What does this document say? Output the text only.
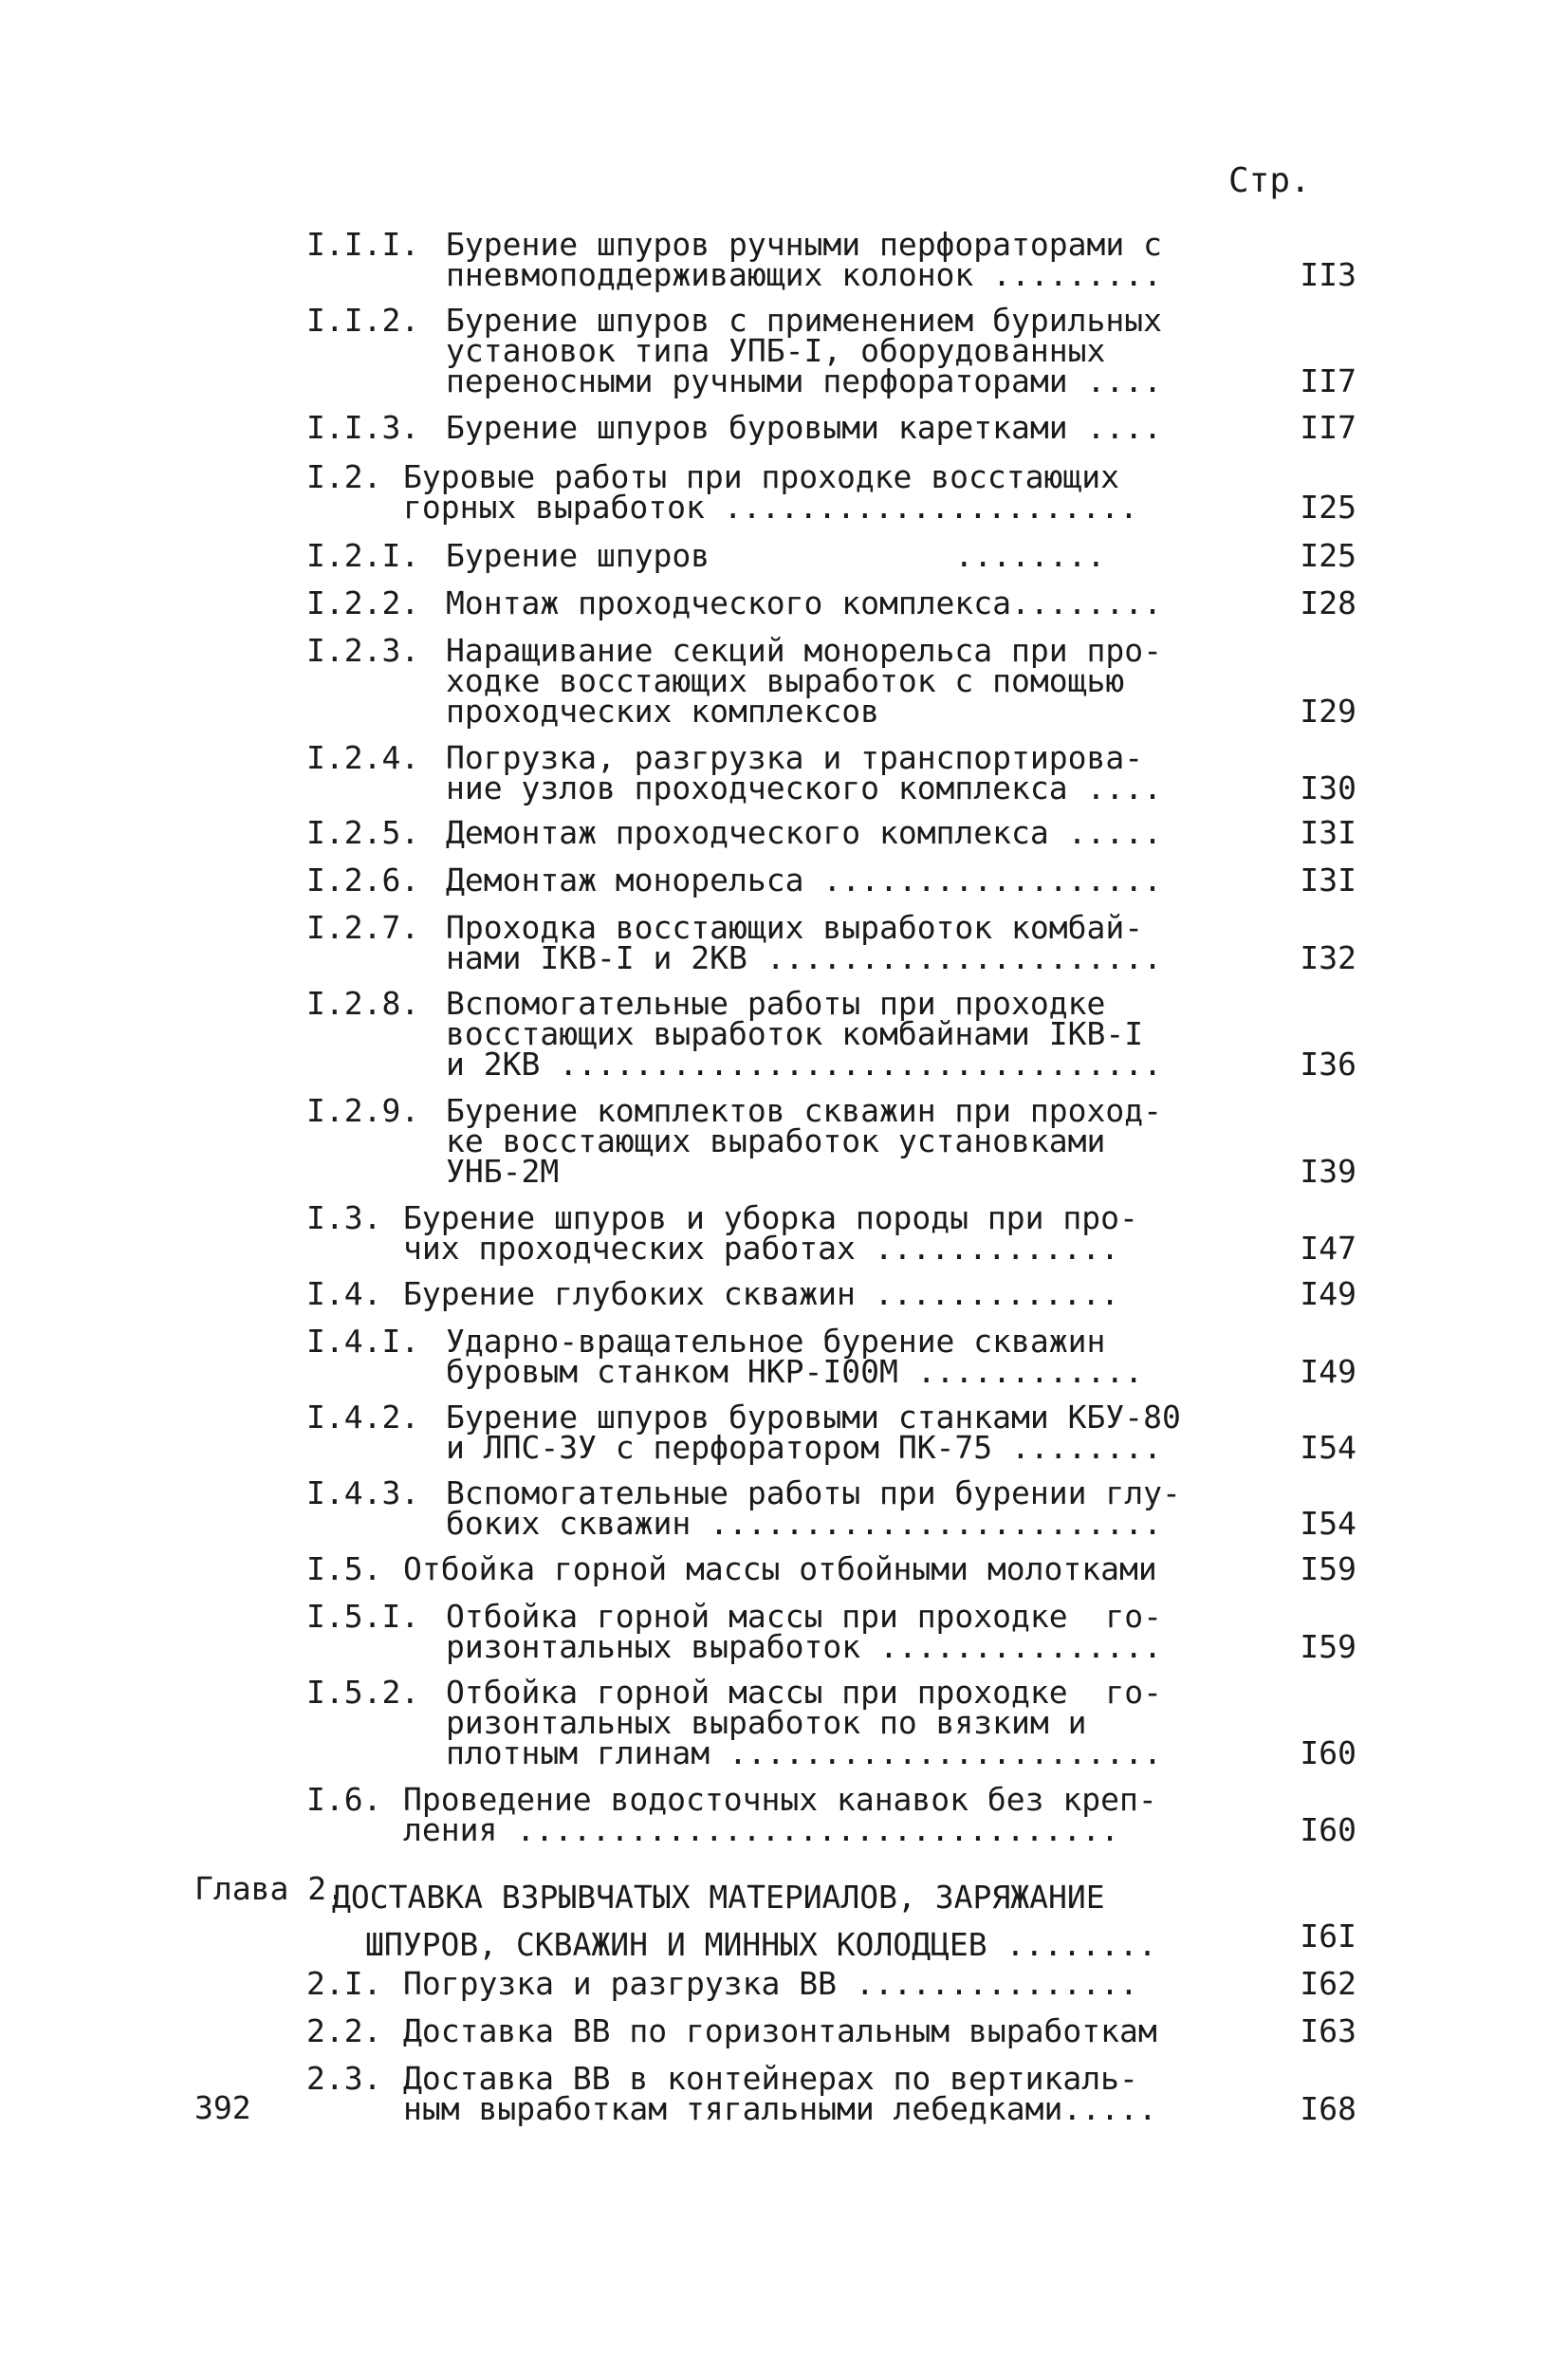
Стр.
I.I.I. Бурение шпуров ручными перфораторами с
пневмоподдерживающих колонок .........	II3
I.I.2. Бурение шпуров с применением бурильных
установок типа УПБ-I, оборудованных
переносными ручными перфораторами ....	II7
I.I.3. Бурение шпуров буровыми каретками ....	II7
I.2. Буровые работы при проходке восстающих
горных выработок ......................	I25
I.2.I. Бурение шпуров             ........	I25
I.2.2. Монтаж проходческого комплекса........	I28
I.2.3. Наращивание секций монорельса при про-
ходке восстающих выработок с помощью
проходческих комплексов	I29
I.2.4. Погрузка, разгрузка и транспортирова-
ние узлов проходческого комплекса ....	I30
I.2.5. Демонтаж проходческого комплекса .....	I3I
I.2.6. Демонтаж монорельса ..................	I3I
I.2.7. Проходка восстающих выработок комбай-
нами IКВ-I и 2КВ .....................	I32
I.2.8. Вспомогательные работы при проходке
восстающих выработок комбайнами IКВ-I
и 2КВ ................................	I36
I.2.9. Бурение комплектов скважин при проход-
ке восстающих выработок установками
УНБ-2М	I39
I.3. Бурение шпуров и уборка породы при про-
чих проходческих работах .............	I47
I.4. Бурение глубоких скважин .............	I49
I.4.I. Ударно-вращательное бурение скважин
буровым станком НКР-I00М ............	I49
I.4.2. Бурение шпуров буровыми станками КБУ-80
и ЛПС-3У с перфоратором ПК-75 ........	I54
I.4.3. Вспомогательные работы при бурении глу-
боких скважин ........................	I54
I.5. Отбойка горной массы отбойными молотками	I59
I.5.I. Отбойка горной массы при проходке  го-
ризонтальных выработок ...............	I59
I.5.2. Отбойка горной массы при проходке  го-
ризонтальных выработок по вязким и
плотным глинам .......................	I60
I.6. Проведение водосточных канавок без креп-
ления ................................	I60
Глава 2.
ДОСТАВКА ВЗРЫВЧАТЫХ МАТЕРИАЛОВ, ЗАРЯЖАНИЕ
ШПУРОВ, СКВАЖИН И МИННЫХ КОЛОДЦЕВ ........	I6I
2.I. Погрузка и разгрузка ВВ ...............	I62
2.2. Доставка ВВ по горизонтальным выработкам	I63
2.3. Доставка ВВ в контейнерах по вертикаль-
ным выработкам тягальными лебедками.....	I68
392
